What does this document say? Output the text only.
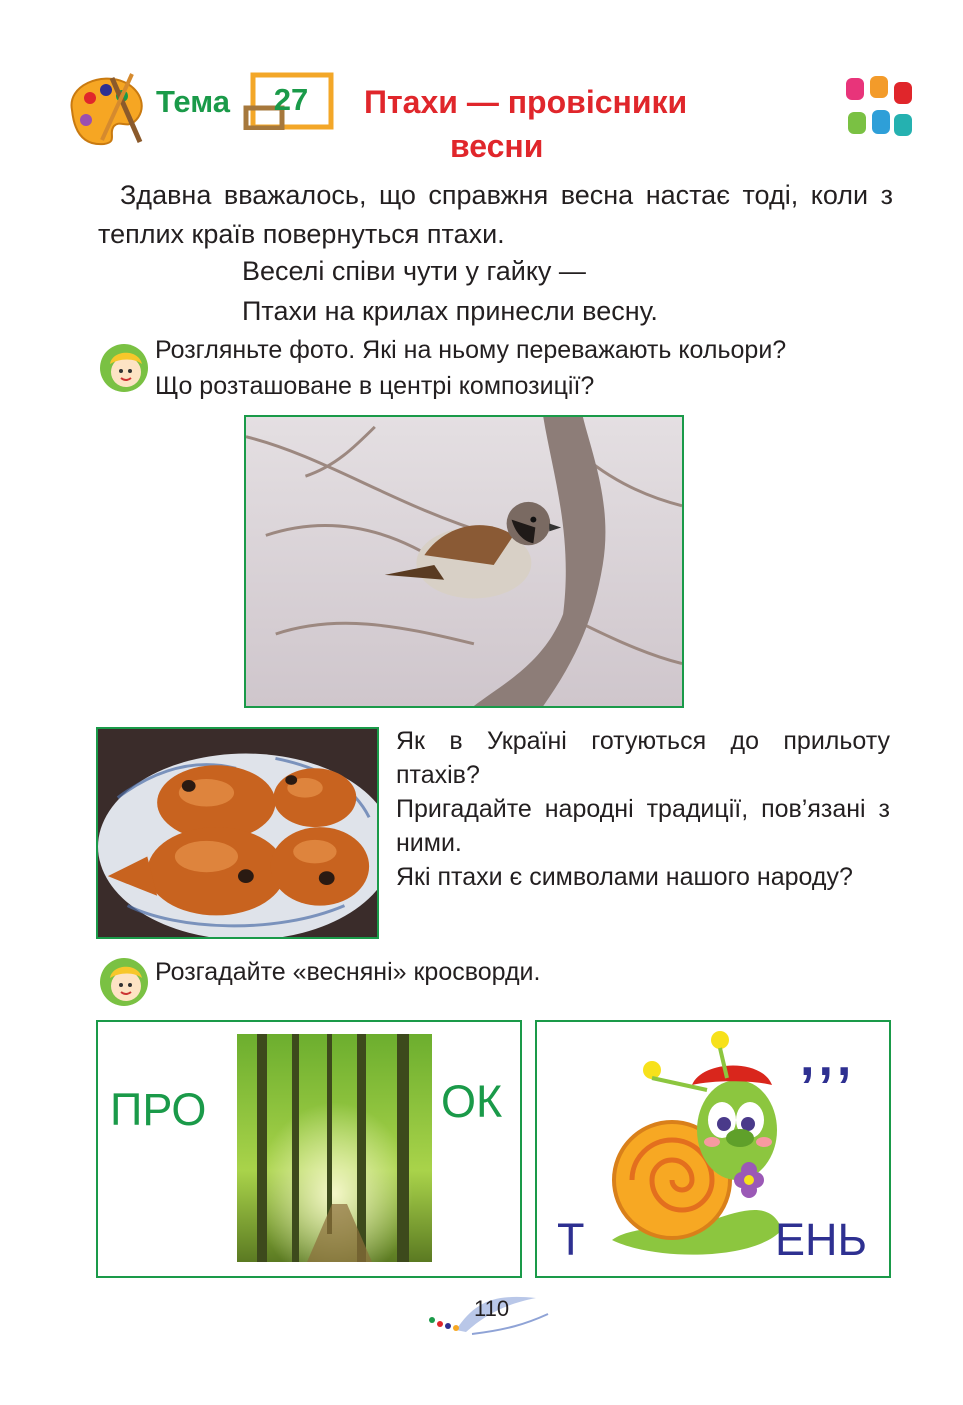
Тема	27	Птахи — провісники
весни
Здавна вважалось, що справжня весна настає тоді, коли з теплих країв повернуться птахи.
Веселі співи чути у гайку —
Птахи на крилах принесли весну.
Розгляньте фото. Які на ньому переважають кольори?
Що розташоване в центрі композиції?

Як в Україні готуються до прильоту птахів?

Пригадайте народні традиції, пов’язані з ними.

Які птахи є символами нашого народу?

Розгадайте «весняні» кросворди.
ПРО	ОК
,,,
Т	ЕНЬ
110
